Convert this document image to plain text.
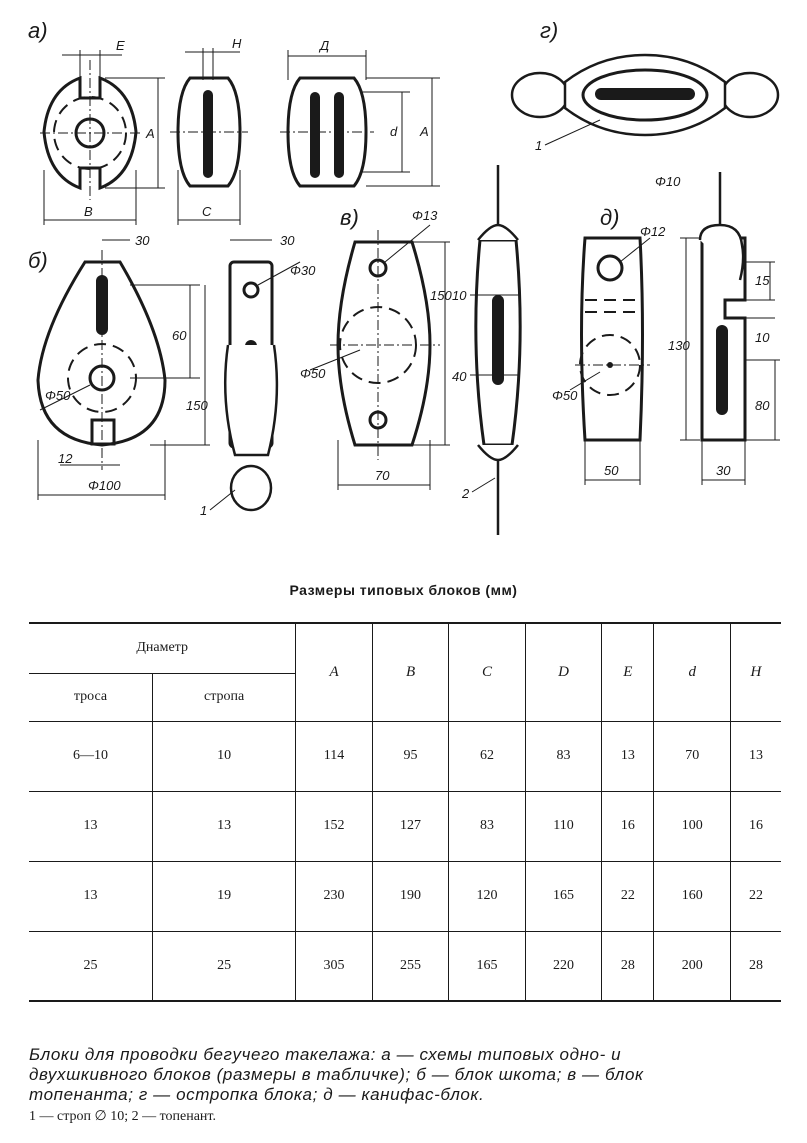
а)
E
A
B
H
C
Д
d A
г)
1
б)
30
60
150
Φ50
12
Φ100
30
Φ30
1
в)	Φ13
150
Φ50
70
10
40
2
д)
Φ12
Φ50
50
130
15
10
80
30
Φ10
Размеры типовых блоков (мм)
Днаметр		A	B	C	D	E	d	H
троса	стропа							
6—10	10	114	95	62	83	13	70	13
13	13	152	127	83	110	16	100	16
13	19	230	190	120	165	22	160	22
25	25	305	255	165	220	28	200	28
Блоки для проводки бегучего такелажа: а — схемы типовых одно- и
двухшкивного блоков (размеры в табличке); б — блок шкота; в — блок
топенанта; г — остропка блока; д — канифас-блок.
1 — строп ∅ 10; 2 — топенант.
